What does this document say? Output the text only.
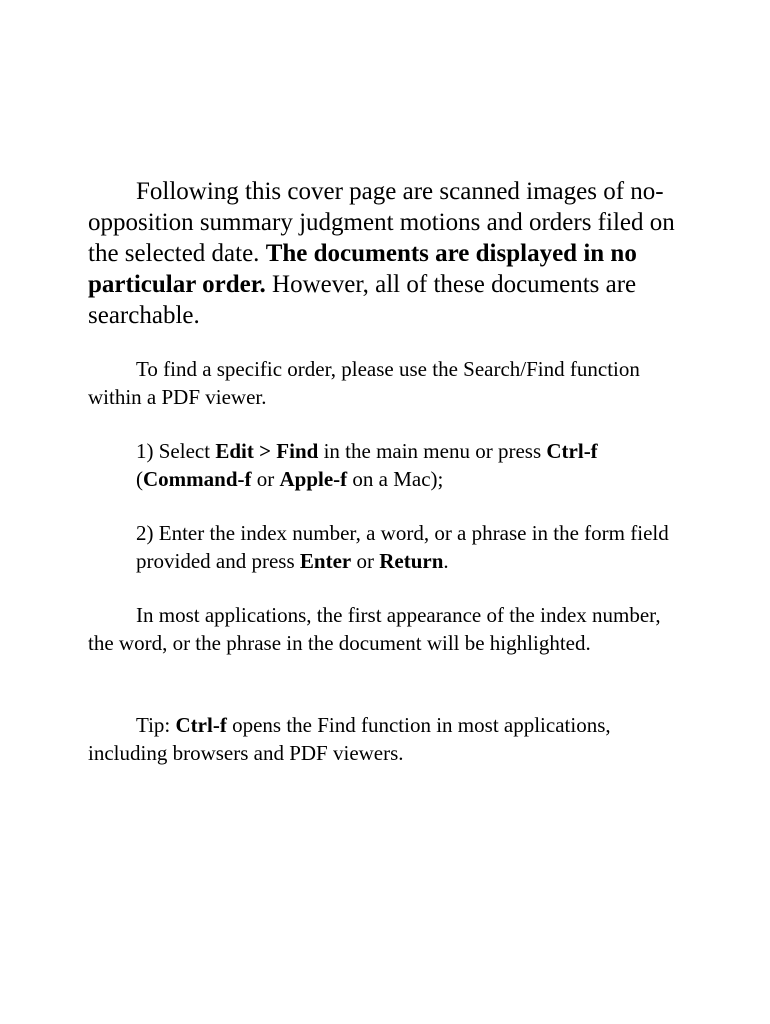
Following this cover page are scanned images of no-opposition summary judgment motions and orders filed on the selected date. The documents are displayed in no particular order. However, all of these documents are searchable.

To find a specific order, please use the Search/Find function within a PDF viewer.

1) Select Edit > Find in the main menu or press Ctrl-f (Command-f or Apple-f on a Mac);

2) Enter the index number, a word, or a phrase in the form field provided and press Enter or Return.

In most applications, the first appearance of the index number, the word, or the phrase in the document will be highlighted.

Tip: Ctrl-f opens the Find function in most applications, including browsers and PDF viewers.
